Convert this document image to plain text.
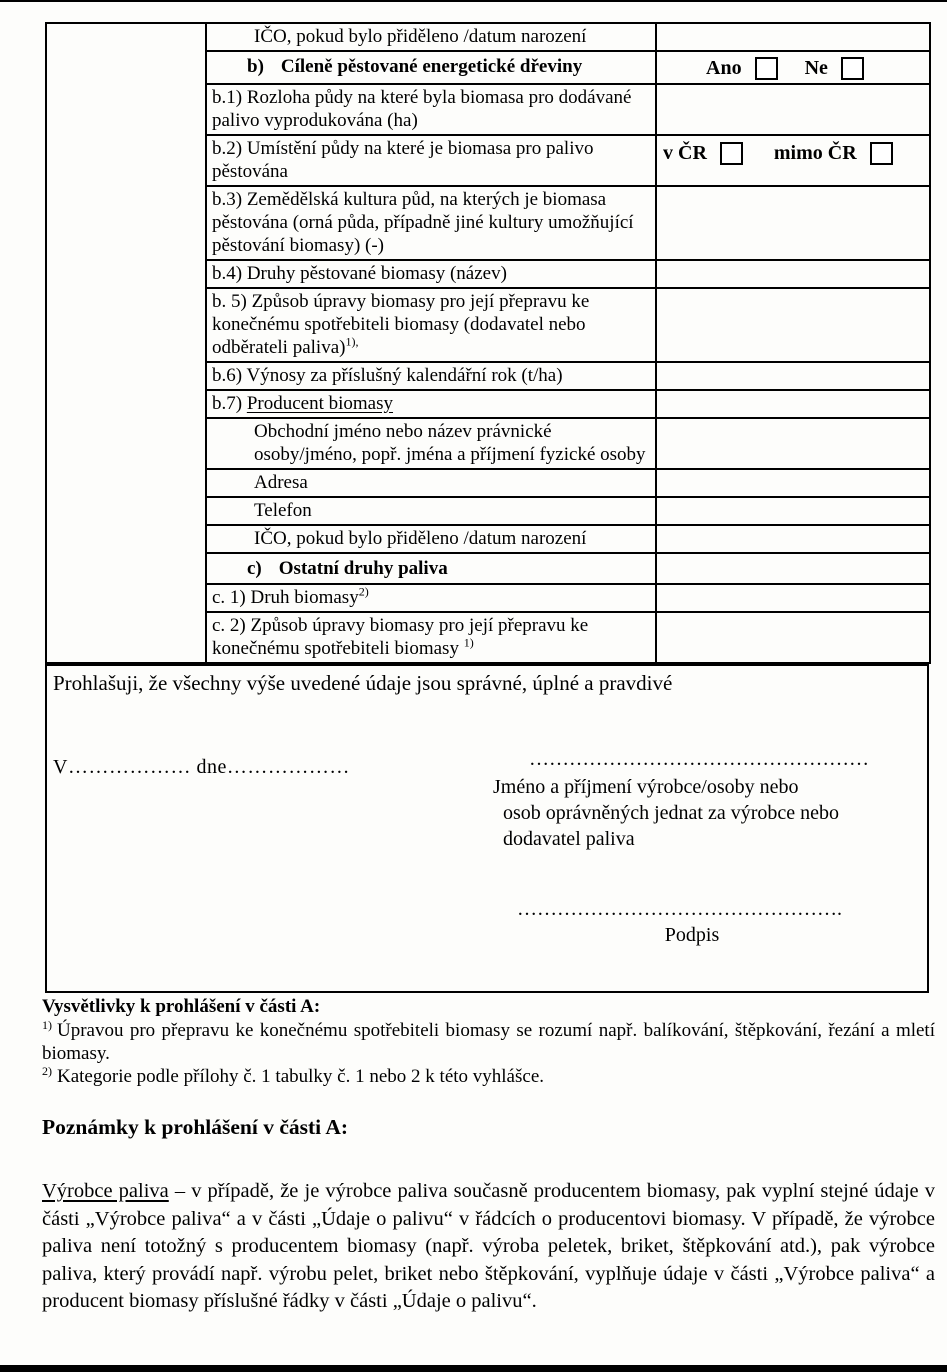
	IČO, pokud bylo přiděleno /datum narození	
	b) Cíleně pěstované energetické dřeviny	Ano Ne

	b.1) Rozloha půdy na které byla biomasa pro dodávané palivo vyprodukována (ha)	
	b.2) Umístění půdy na které je biomasa pro palivo pěstována	v ČR mimo ČR

	b.3) Zemědělská kultura půd, na kterých je biomasa pěstována (orná půda, případně jiné kultury umožňující pěstování biomasy) (-)	
	b.4) Druhy pěstované biomasy (název)	
	b. 5) Způsob úpravy biomasy pro její přepravu ke konečnému spotřebiteli biomasy (dodavatel nebo odběrateli paliva)$^{1),}$	
	b.6) Výnosy za příslušný kalendářní rok (t/ha)	
	b.7) Producent biomasy	
	Obchodní jméno nebo název právnické osoby/jméno, popř. jména a příjmení fyzické osoby	
	Adresa	
	Telefon	
	IČO, pokud bylo přiděleno /datum narození	
	c) Ostatní druhy paliva	
	c. 1) Druh biomasy$^{2)}$	
	c. 2) Způsob úpravy biomasy pro její přepravu ke konečnému spotřebiteli biomasy $^{1)}$	
Prohlašuji, že všechny výše uvedené údaje jsou správné, úplné a pravdivé
V……………… dne………………	……………………………………………
Jméno a příjmení výrobce/osoby nebo
osob oprávněných jednat za výrobce nebo
dodavatel paliva
………………………………………….
Podpis
Vysvětlivky k prohlášení v části A:

$^{1)}$ Úpravou pro přepravu ke konečnému spotřebiteli biomasy se rozumí např. balíkování, štěpkování, řezání a mletí biomasy.

$^{2)}$ Kategorie podle přílohy č. 1 tabulky č. 1 nebo 2 k této vyhlášce.

Poznámky k prohlášení v části A:

Výrobce paliva – v případě, že je výrobce paliva současně producentem biomasy, pak vyplní stejné údaje v části „Výrobce paliva“ a v části „Údaje o palivu“ v řádcích o producentovi biomasy. V případě, že výrobce paliva není totožný s producentem biomasy (např. výroba peletek, briket, štěpkování atd.), pak výrobce paliva, který provádí např. výrobu pelet, briket nebo štěpkování, vyplňuje údaje v části „Výrobce paliva“ a producent biomasy příslušné řádky v části „Údaje o palivu“.
